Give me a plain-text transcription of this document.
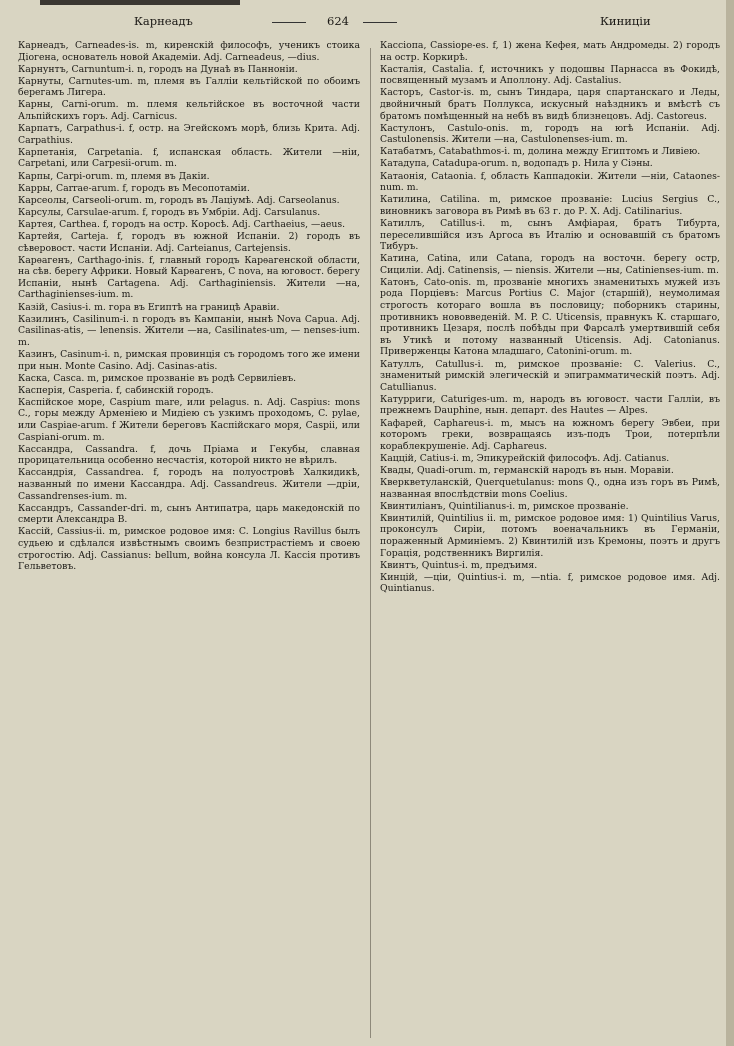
Карнеадъ	624	Киниціи
Карнеадъ, Carneades-is. m, киренскій философъ, ученикъ стоика Діогена, основатель новой Академіи. Adj. Carneadeus, —dius.
Карнунтъ, Carnuntum-i. n, городъ на Дунаѣ въ Панноніи.
Карнуты, Carnutes-um. m, племя въ Галліи кельтійской по обоимъ берегамъ Лигера.
Карны, Carni-orum. m. племя кельтійское въ восточной части Альпійскихъ горъ. Adj. Carnicus.
Карпатъ, Carpathus-i. f, остр. на Эгейскомъ морѣ, близь Крита. Adj. Carpathius.
Карпетанія, Carpetania. f, испанская область. Жители —ніи, Carpetani, или Carpesii-orum. m.
Карпы, Carpi-orum. m, племя въ Дакіи.
Карры, Carrae-arum. f, городъ въ Месопотаміи.
Карсеолы, Carseoli-orum. m, городъ въ Лаціумѣ. Adj. Carseolanus.
Карсулы, Carsulae-arum. f, городъ въ Умбріи. Adj. Carsulanus.
Картея, Carthea. f, городъ на остр. Коросѣ. Adj. Carthaeius, —aeus.
Картейя, Carteja. f, городъ въ южной Испаніи. 2) городъ въ сѣверовост. части Испаніи. Adj. Carteianus, Cartejensis.
Карѳагенъ, Carthago-inis. f, главный городъ Карѳагенской области, на сѣв. берегу Африки. Новый Карѳагенъ, C nova, на юговост. берегу Испаніи, нынѣ Cartagena. Adj. Carthaginiensis. Жители —на, Carthaginienses-ium. m.
Казій, Casius-i. m. гора въ Египтѣ на границѣ Аравіи.
Казилинъ, Casilinum-i. n городъ въ Кампаніи, нынѣ Nova Capua. Adj. Casilinas-atis, — lenensis. Жители —на, Casilinates-um, — nenses-ium. m.
Казинъ, Casinum-i. n, римская провинція съ городомъ того же имени при нын. Monte Casino. Adj. Casinas-atis.
Каска, Casca. m, римское прозваніе въ родѣ Сервиліевъ.
Касперія, Casperia. f, сабинскій городъ.
Каспійское море, Caspium mare, или pelagus. n. Adj. Caspius: mons C., горы между Арменіею и Мидіею съ узкимъ проходомъ, C. pylae, или Caspiae-arum. f Жители береговъ Каспійскаго моря, Caspii, или Caspiani-orum. m.
Кассандра, Cassandra. f, дочь Пріама и Гекубы, славная прорицательница особенно несчастія, которой никто не вѣрилъ.
Кассандрія, Cassandrea. f, городъ на полуостровѣ Халкидикѣ, названный по имени Кассандра. Adj. Cassandreus. Жители —дріи, Cassandrenses-ium. m.
Кассандръ, Cassander-dri. m, сынъ Антипатра, царь македонскій по смерти Александра В.
Кассій, Cassius-ii. m, римское родовое имя: C. Longius Ravillus былъ судьею и сдѣлался извѣстнымъ своимъ безпристрастіемъ и своею строгостію. Adj. Cassianus: bellum, война консула Л. Кассія противъ Гельветовъ.
Кассіопа, Cassiope-es. f, 1) жена Кефея, мать Андромеды. 2) городъ на остр. Коркирѣ.
Касталія, Castalia. f, источникъ у подошвы Парнасса въ Фокидѣ, посвященный музамъ и Аполлону. Adj. Castalius.
Касторъ, Castor-is. m, сынъ Тиндара, царя спартанскаго и Леды, двойничный братъ Поллукса, искусный наѣздникъ и вмѣстѣ съ братомъ помѣщенный на небѣ въ видѣ близнецовъ. Adj. Castoreus.
Кастулонъ, Castulo-onis. m, городъ на югѣ Испаніи. Adj. Castulonensis. Жители —на, Castulonenses-ium. m.
Катабатмъ, Catabathmos-i. m, долина между Египтомъ и Ливіею.
Катадупа, Catadupa-orum. n, водопадъ р. Нила у Сіэны.
Катаонія, Cataonia. f, область Каппадокіи. Жители —ніи, Cataones-num. m.
Катилина, Catilina. m, римское прозваніе: Lucius Sergius C., виновникъ заговора въ Римѣ въ 63 г. до Р. Х. Adj. Catilinarius.
Катиллъ, Catillus-i. m, сынъ Амфіарая, братъ Тибурта, переселившійся изъ Аргоса въ Италію и основавшій съ братомъ Тибуръ.
Катина, Catina, или Catana, городъ на восточн. берегу остр, Сициліи. Adj. Catinensis, — niensis. Жители —ны, Catinienses-ium. m.
Катонъ, Cato-onis. m, прозваніе многихъ знаменитыхъ мужей изъ рода Порціевъ: Marcus Portius C. Major (старшій), неумолимая строгость котораго вошла въ пословицу; поборникъ старины, противникъ нововведеній. M. P. C. Uticensis, правнукъ К. старшаго, противникъ Цезаря, послѣ побѣды при Фарсалѣ умертвившій себя въ Утикѣ и потому названный Uticensis. Adj. Catonianus. Приверженцы Катона младшаго, Catonini-orum. m.
Катуллъ, Catullus-i. m, римское прозваніе: C. Valerius. C., знаменитый римскій элегическій и эпиграмматическій поэтъ. Adj. Catullianus.
Катурриги, Caturiges-um. m, народъ въ юговост. части Галліи, въ прежнемъ Dauphine, нын. департ. des Hautes — Alpes.
Кафарей, Caphareus-i. m, мысъ на южномъ берегу Эвбеи, при которомъ греки, возвращаясь изъ-подъ Трои, потерпѣли кораблекрушеніе. Adj. Caphareus.
Каццій, Catius-i. m, Эпикурейскій философъ. Adj. Catianus.
Квады, Quadi-orum. m, германскій народъ въ нын. Моравіи.
Кверкветуланскій, Querquetulanus: mons Q., одна изъ горъ въ Римѣ, названная впослѣдствіи mons Coelius.
Квинтиліанъ, Quintilianus-i. m, римское прозваніе.
Квинтилій, Quintilius ii. m, римское родовое имя: 1) Quintilius Varus, проконсулъ Сиріи, потомъ военачальникъ въ Германіи, пораженный Арминіемъ. 2) Квинтилій изъ Кремоны, поэтъ и другъ Горація, родственникъ Виргилія.
Квинтъ, Quintus-i. m, предъимя.
Кинцій, —ціи, Quintius-i. m, —ntia. f, римское родовое имя. Adj. Quintianus.
